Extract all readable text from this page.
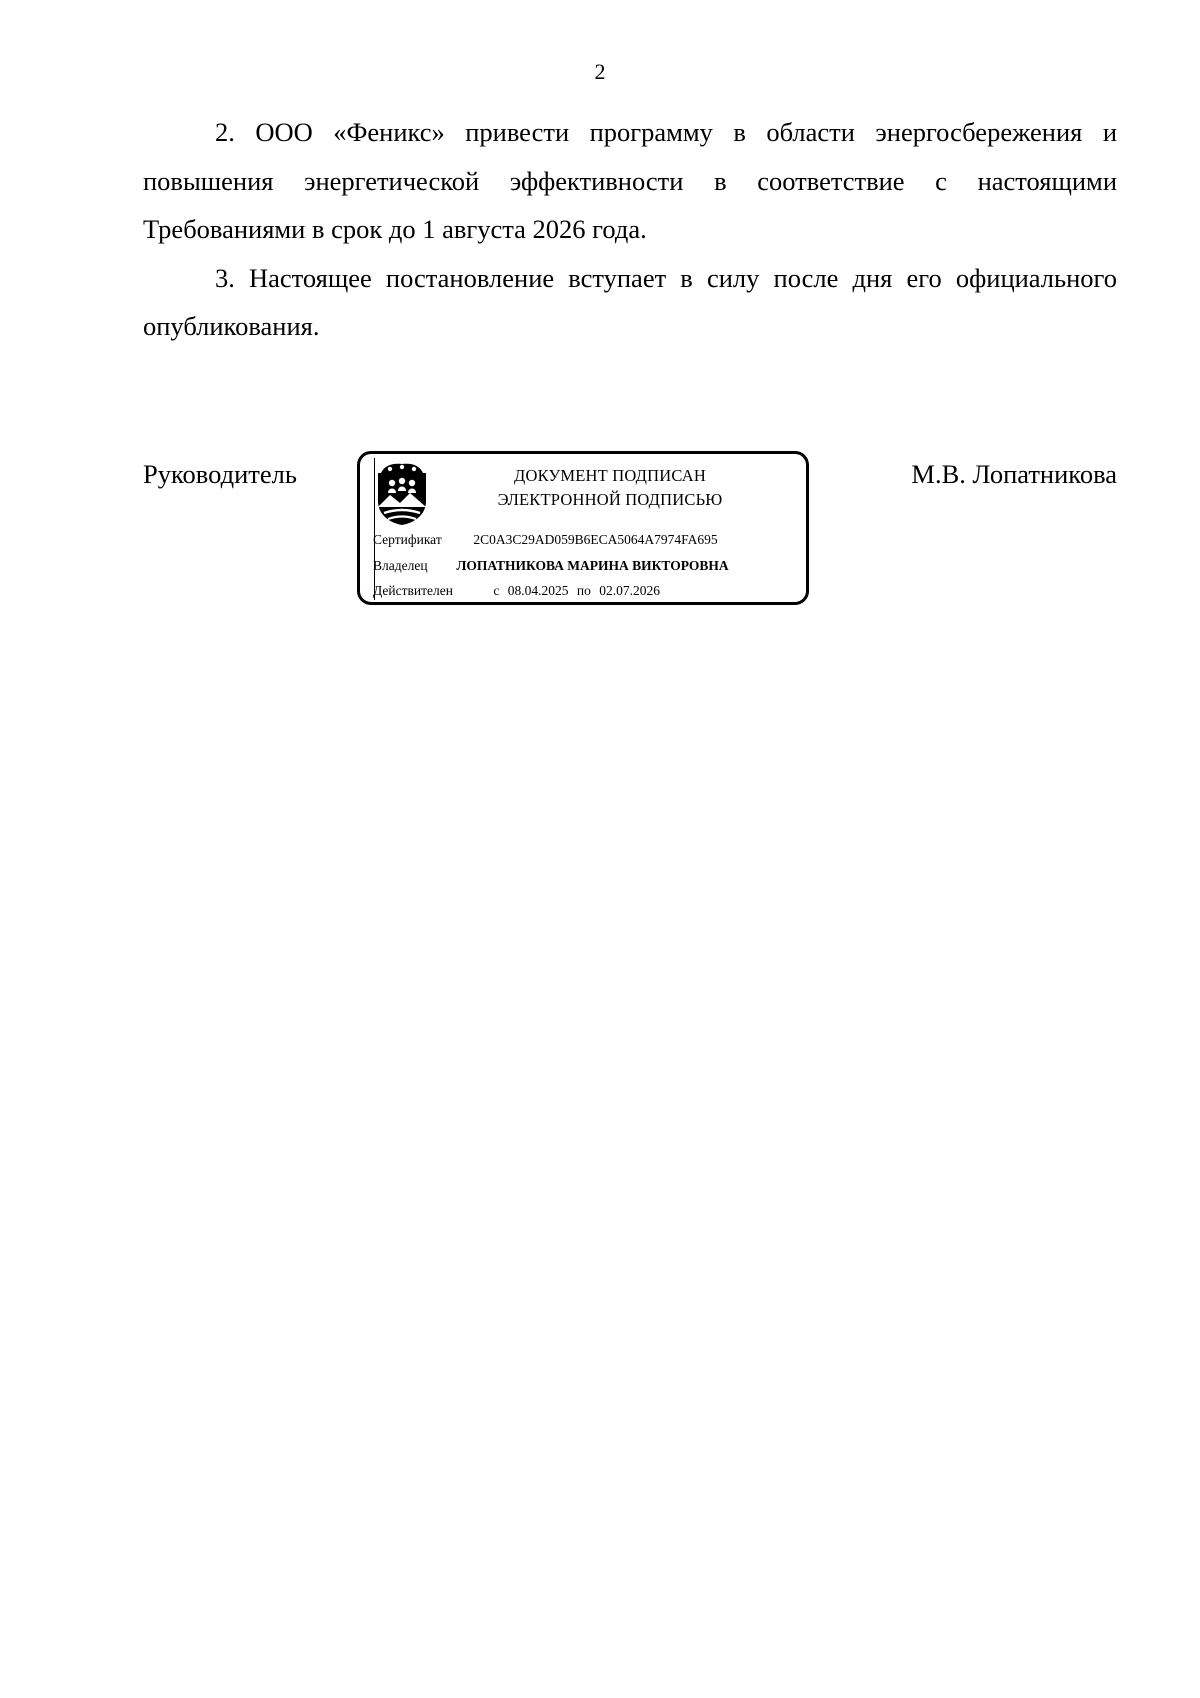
2

2. ООО «Феникс» привести программу в области энергосбережения и повышения энергетической эффективности в соответствие с настоящими Требованиями в срок до 1 августа 2026 года.

3. Настоящее постановление вступает в силу после дня его официального опубликования.

Руководитель	ДОКУМЕНТ ПОДПИСАН
ЭЛЕКТРОННОЙ ПОДПИСЬЮ
Сертификат 2C0A3C29AD059B6ECA5064A7974FA695
Владелец ЛОПАТНИКОВА МАРИНА ВИКТОРОВНА
Действителен	с 08.04.2025 по 02.07.2026
М.В. Лопатникова
